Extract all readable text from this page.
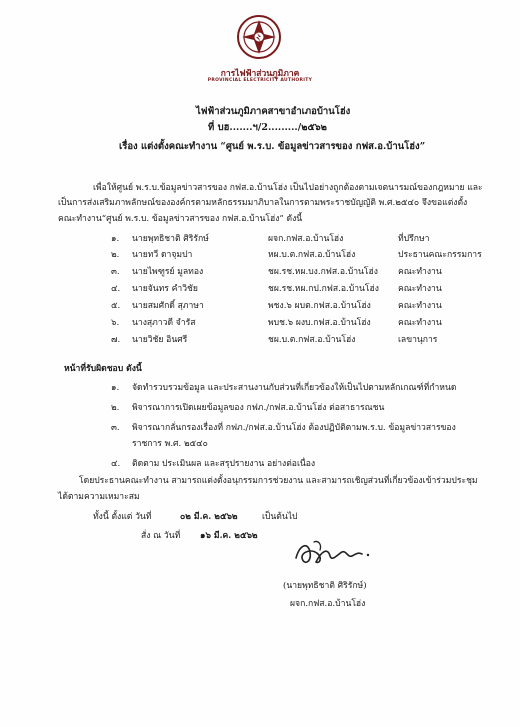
การไฟฟ้าส่วนภูมิภาค
PROVINCIAL ELECTRICITY AUTHORITY
ไฟฟ้าส่วนภูมิภาคสาขาอำเภอบ้านโฮ่ง
ที่ บฮ.......ฯ/2........./๒๕๖๒
เรื่อง แต่งตั้งคณะทำงาน “ศูนย์ พ.ร.บ. ข้อมูลข่าวสารของ กฟส.อ.บ้านโฮ่ง”
เพื่อให้ศูนย์ พ.ร.บ.ข้อมูลข่าวสารของ กฟส.อ.บ้านโฮ่ง เป็นไปอย่างถูกต้องตามเจตนารมณ์ของกฎหมาย และ
เป็นการส่งเสริมภาพลักษณ์ขององค์กรตามหลักธรรมมาภิบาลในการตามพระราชบัญญัติ พ.ศ.๒๕๔๐ จึงขอแต่งตั้ง
คณะทำงาน“ศูนย์ พ.ร.บ. ข้อมูลข่าวสารของ กฟส.อ.บ้านโฮ่ง” ดังนี้
๑. นายพุทธิชาติ ศิริรักษ์	ผจก.กฟส.อ.บ้านโฮ่ง	ที่ปรึกษา
๒. นายทวี ดาจุมปา	หผ.บ.ต.กฟส.อ.บ้านโฮ่ง	ประธานคณะกรรมการ
๓. นายไพฑูรย์ มูลทอง	ชผ.รช.หผ.บง.กฟส.อ.บ้านโฮ่ง คณะทำงาน
๔. นายจันทร คำวิชัย	ชผ.รช.หผ.กป.กฟส.อ.บ้านโฮ่ง คณะทำงาน
๕. นายสมศักดิ์ สุภาษา	พชง.๖ ผบต.กฟส.อ.บ้านโฮ่ง	คณะทำงาน
๖. นางสุภาวดี จำรัส	พบช.๖ ผงบ.กฟส.อ.บ้านโฮ่ง	คณะทำงาน
๗. นายวิชัย อินศรี	ชผ.บ.ต.กฟส.อ.บ้านโฮ่ง	เลขานุการ
หน้าที่รับผิดชอบ ดังนี้
๑. จัดทำรวบรวมข้อมูล และประสานงานกับส่วนที่เกี่ยวข้องให้เป็นไปตามหลักเกณฑ์ที่กำหนด
๒. พิจารณาการเปิดเผยข้อมูลของ กฟภ./กฟส.อ.บ้านโฮ่ง ต่อสาธารณชน
๓. พิจารณากลั่นกรองเรื่องที่ กฟภ./กฟส.อ.บ้านโฮ่ง ต้องปฏิบัติตามพ.ร.บ. ข้อมูลข่าวสารของ
ราชการ พ.ศ. ๒๕๔๐
๔. ติดตาม ประเมินผล และสรุปรายงาน อย่างต่อเนื่อง
โดยประธานคณะทำงาน สามารถแต่งตั้งอนุกรรมการช่วยงาน และสามารถเชิญส่วนที่เกี่ยวข้องเข้าร่วมประชุม
ได้ตามความเหมาะสม
ทั้งนี้ ตั้งแต่ วันที่	๐๒ มี.ค. ๒๕๖๒	เป็นต้นไป
สั่ง ณ วันที่ ๑๖ มี.ค. ๒๕๖๒
(นายพุทธิชาติ ศิริรักษ์)
ผจก.กฟส.อ.บ้านโฮ่ง
